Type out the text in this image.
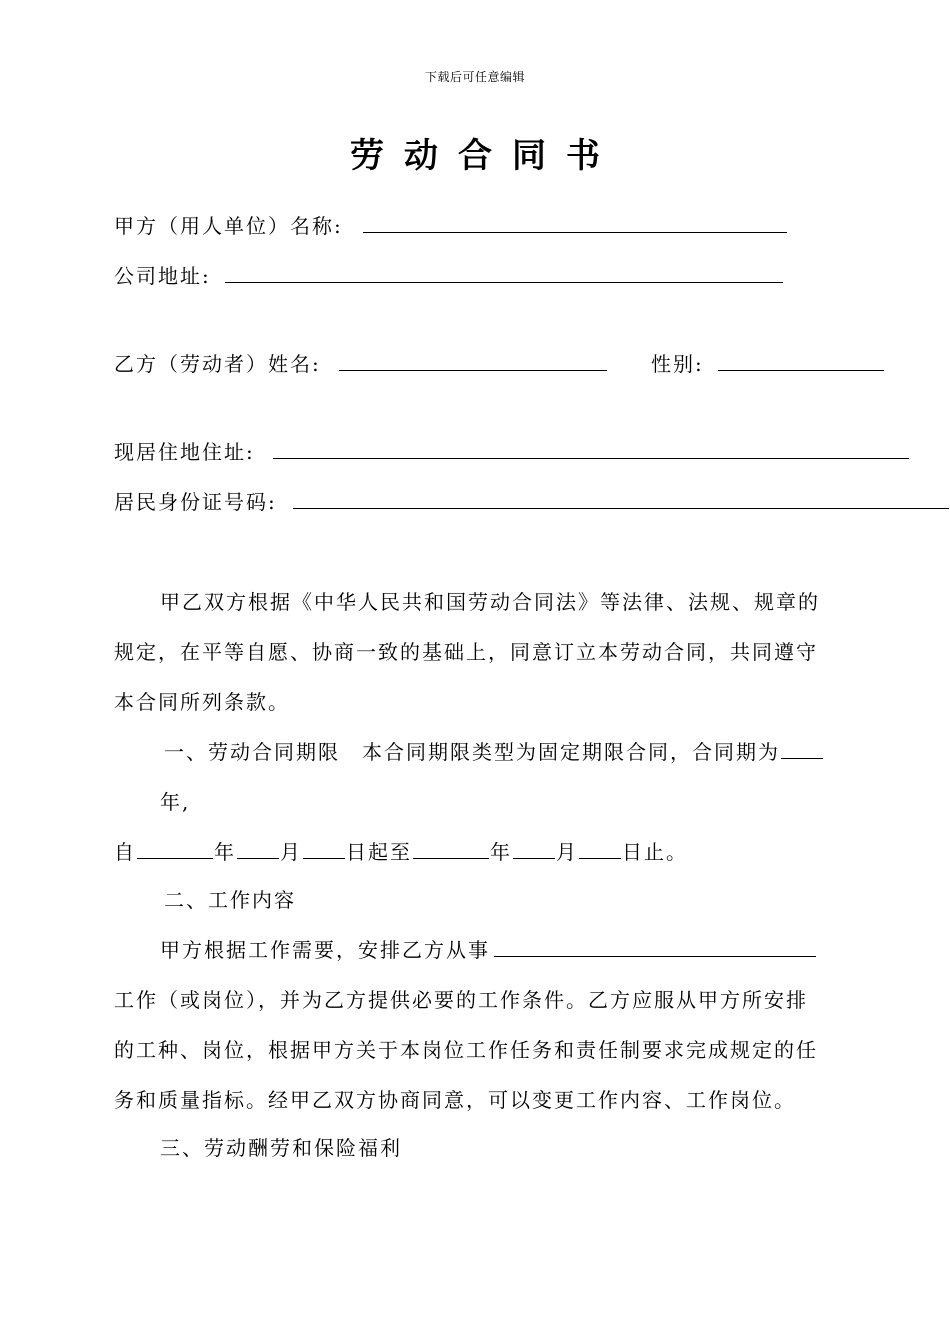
下载后可任意编辑
劳动合同书
甲方（用人单位）名称:
公司地址:
乙方（劳动者）姓名:	性别:
现居住地住址:
居民身份证号码:
甲乙双方根据《中华人民共和国劳动合同法》等法律、法规、规章的
规定，在平等自愿、协商一致的基础上，同意订立本劳动合同，共同遵守
本合同所列条款。
一、劳动合同期限　本合同期限类型为固定期限合同，合同期为
年,
自	年 月 日起至	年 月 日止。
二、工作内容
甲方根据工作需要，安排乙方从事
工作（或岗位），并为乙方提供必要的工作条件。乙方应服从甲方所安排
的工种、岗位，根据甲方关于本岗位工作任务和责任制要求完成规定的任
务和质量指标。经甲乙双方协商同意，可以变更工作内容、工作岗位。
三、劳动酬劳和保险福利
